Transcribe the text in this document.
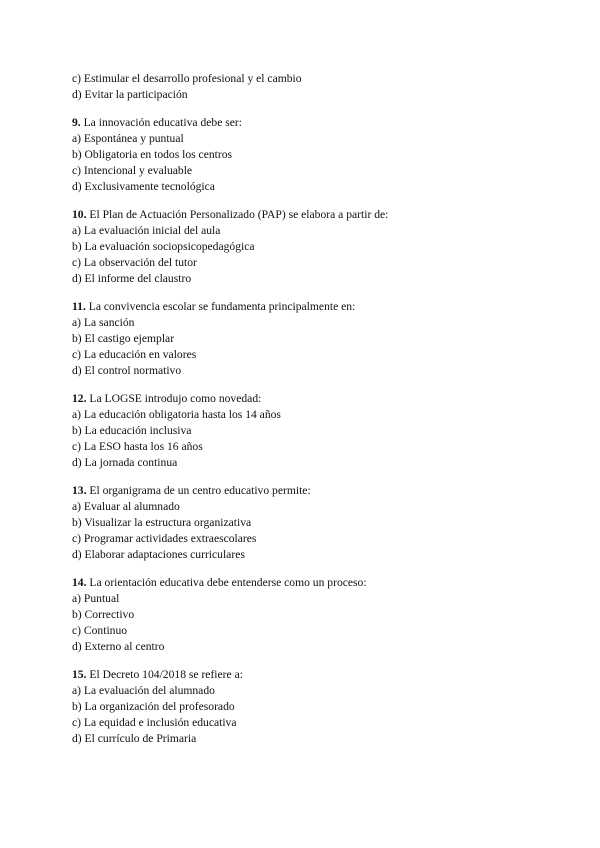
c) Estimular el desarrollo profesional y el cambio
d) Evitar la participación
9. La innovación educativa debe ser:
a) Espontánea y puntual
b) Obligatoria en todos los centros
c) Intencional y evaluable
d) Exclusivamente tecnológica
10. El Plan de Actuación Personalizado (PAP) se elabora a partir de:
a) La evaluación inicial del aula
b) La evaluación sociopsicopedagógica
c) La observación del tutor
d) El informe del claustro
11. La convivencia escolar se fundamenta principalmente en:
a) La sanción
b) El castigo ejemplar
c) La educación en valores
d) El control normativo
12. La LOGSE introdujo como novedad:
a) La educación obligatoria hasta los 14 años
b) La educación inclusiva
c) La ESO hasta los 16 años
d) La jornada continua
13. El organigrama de un centro educativo permite:
a) Evaluar al alumnado
b) Visualizar la estructura organizativa
c) Programar actividades extraescolares
d) Elaborar adaptaciones curriculares
14. La orientación educativa debe entenderse como un proceso:
a) Puntual
b) Correctivo
c) Continuo
d) Externo al centro
15. El Decreto 104/2018 se refiere a:
a) La evaluación del alumnado
b) La organización del profesorado
c) La equidad e inclusión educativa
d) El currículo de Primaria
